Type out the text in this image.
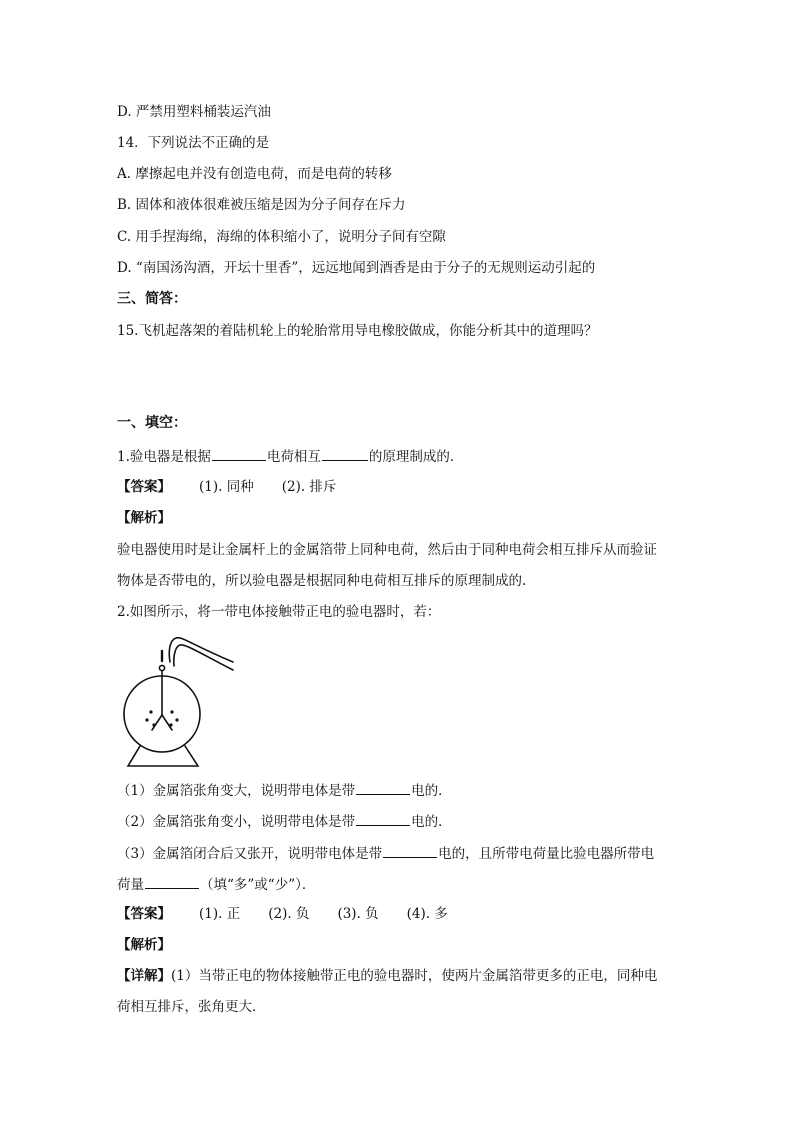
D. 严禁用塑料桶装运汽油
14．下列说法不正确的是
A. 摩擦起电并没有创造电荷，而是电荷的转移
B. 固体和液体很难被压缩是因为分子间存在斥力
C. 用手捏海绵，海绵的体积缩小了，说明分子间有空隙
D. “南国汤沟酒，开坛十里香”，远远地闻到酒香是由于分子的无规则运动引起的
三、简答：
15.飞机起落架的着陆机轮上的轮胎常用导电橡胶做成，你能分析其中的道理吗？
一、填空：
1.验电器是根据	电荷相互	的原理制成的．
【答案】 (1). 同种 (2). 排斥
【解析】
验电器使用时是让金属杆上的金属箔带上同种电荷，然后由于同种电荷会相互排斥从而验证
物体是否带电的，所以验电器是根据同种电荷相互排斥的原理制成的.
2.如图所示，将一带电体接触带正电的验电器时，若：
（1）金属箔张角变大，说明带电体是带	电的．
（2）金属箔张角变小，说明带电体是带	电的．
（3）金属箔闭合后又张开，说明带电体是带	电的，且所带电荷量比验电器所带电
荷量	（填“多”或“少”）．
【答案】 (1). 正 (2). 负 (3). 负 (4). 多
【解析】
【详解】(1）当带正电的物体接触带正电的验电器时，使两片金属箔带更多的正电，同种电
荷相互排斥，张角更大．
